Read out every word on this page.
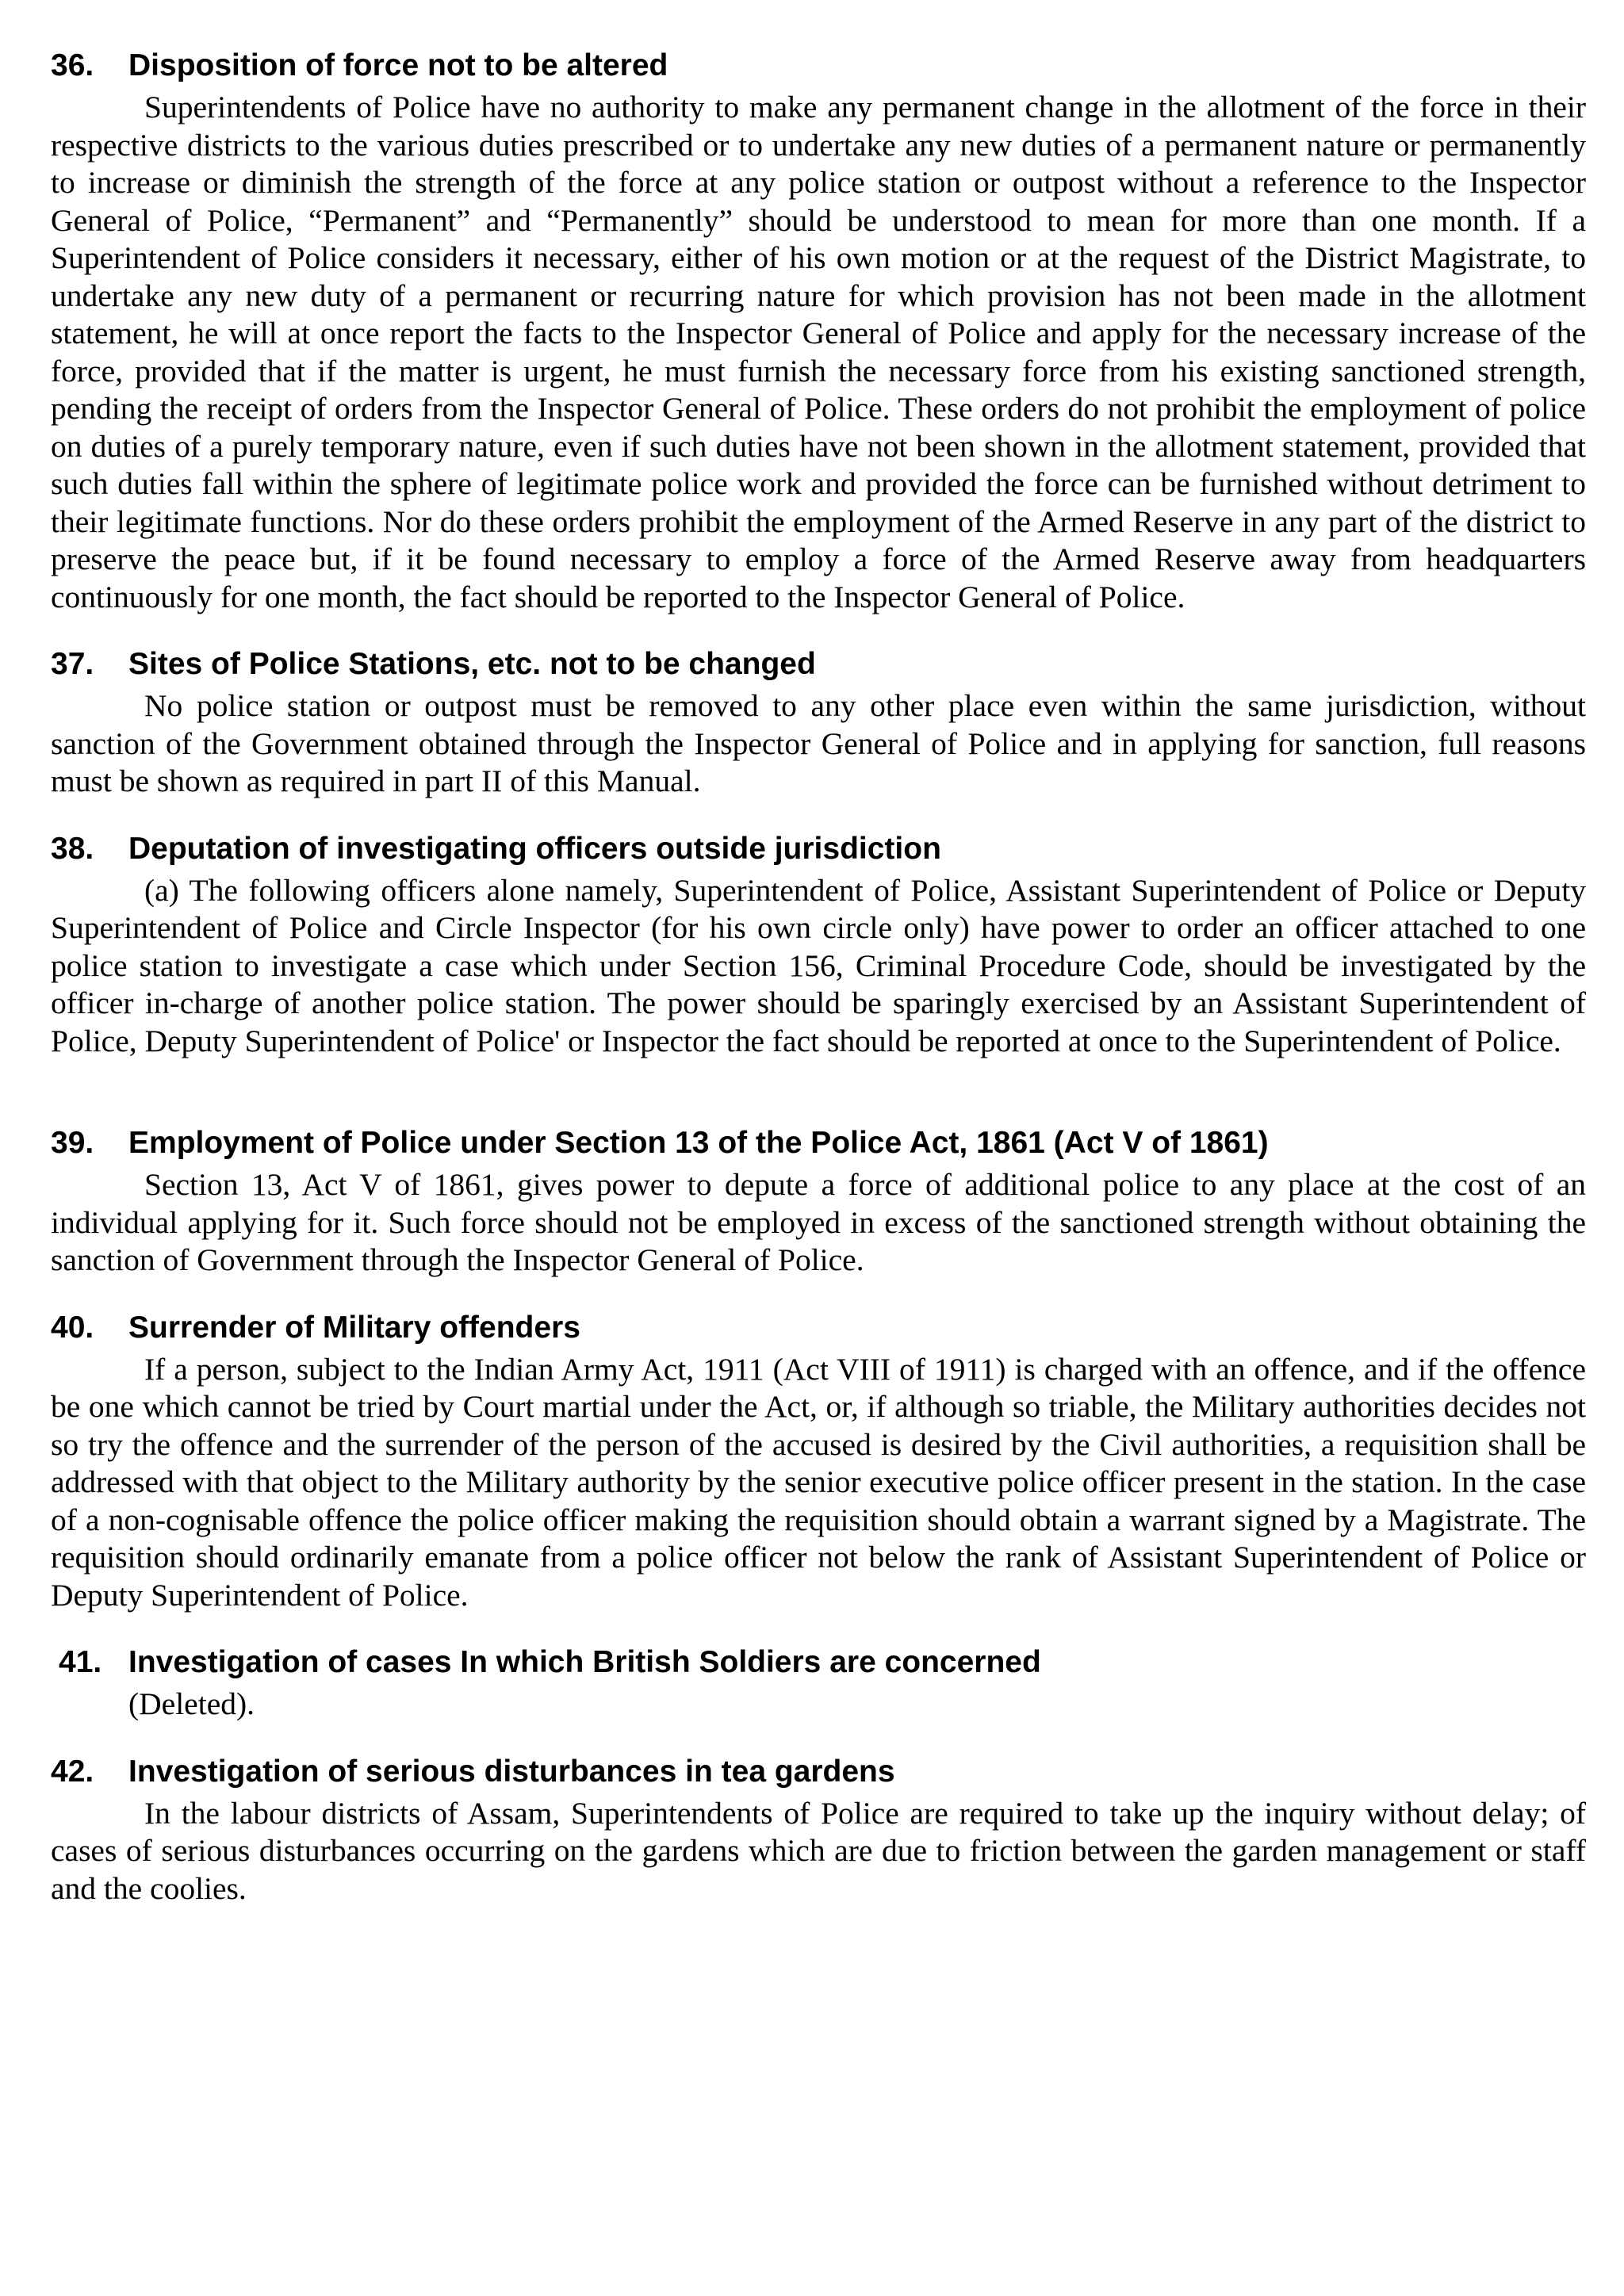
36.	Disposition of force not to be altered

Superintendents of Police have no authority to make any permanent change in the allotment of the force in their respective districts to the various duties prescribed or to undertake any new duties of a permanent nature or permanently to increase or diminish the strength of the force at any police station or outpost without a reference to the Inspector General of Police, “Permanent” and “Permanently” should be understood to mean for more than one month. If a Superintendent of Police considers it necessary, either of his own motion or at the request of the District Magistrate, to undertake any new duty of a permanent or recurring nature for which provision has not been made in the allotment statement, he will at once report the facts to the Inspector General of Police and apply for the necessary increase of the force, provided that if the matter is urgent, he must furnish the necessary force from his existing sanctioned strength, pending the receipt of orders from the Inspector General of Police. These orders do not prohibit the employment of police on duties of a purely temporary nature, even if such duties have not been shown in the allotment statement, provided that such duties fall within the sphere of legitimate police work and provided the force can be furnished without detriment to their legitimate functions. Nor do these orders prohibit the employment of the Armed Reserve in any part of the district to preserve the peace but, if it be found necessary to employ a force of the Armed Reserve away from headquarters continuously for one month, the fact should be reported to the Inspector General of Police.

37.	Sites of Police Stations, etc. not to be changed

No police station or outpost must be removed to any other place even within the same jurisdiction, without sanction of the Government obtained through the Inspector General of Police and in applying for sanction, full reasons must be shown as required in part II of this Manual.

38.	Deputation of investigating officers outside jurisdiction

(a) The following officers alone namely, Superintendent of Police, Assistant Superintendent of Police or Deputy Superintendent of Police and Circle Inspector (for his own circle only) have power to order an officer attached to one police station to investigate a case which under Section 156, Criminal Procedure Code, should be investigated by the officer in-charge of another police station. The power should be sparingly exercised by an Assistant Superintendent of Police, Deputy Superintendent of Police' or Inspector the fact should be reported at once to the Superintendent of Police.

39.	Employment of Police under Section 13 of the Police Act, 1861 (Act V of 1861)

Section 13, Act V of 1861, gives power to depute a force of additional police to any place at the cost of an individual applying for it. Such force should not be employed in excess of the sanctioned strength without obtaining the sanction of Government through the Inspector General of Police.

40.	Surrender of Military offenders

If a person, subject to the Indian Army Act, 1911 (Act VIII of 1911) is charged with an offence, and if the offence be one which cannot be tried by Court martial under the Act, or, if although so triable, the Military authorities decides not so try the offence and the surrender of the person of the accused is desired by the Civil authorities, a requisition shall be addressed with that object to the Military authority by the senior executive police officer present in the station. In the case of a non-cognisable offence the police officer making the requisition should obtain a warrant signed by a Magistrate. The requisition should ordinarily emanate from a police officer not below the rank of Assistant Superintendent of Police or Deputy Superintendent of Police.

41. Investigation of cases In which British Soldiers are concerned

(Deleted).

42.	Investigation of serious disturbances in tea gardens

In the labour districts of Assam, Superintendents of Police are required to take up the inquiry without delay; of cases of serious disturbances occurring on the gardens which are due to friction between the garden management or staff and the coolies.
